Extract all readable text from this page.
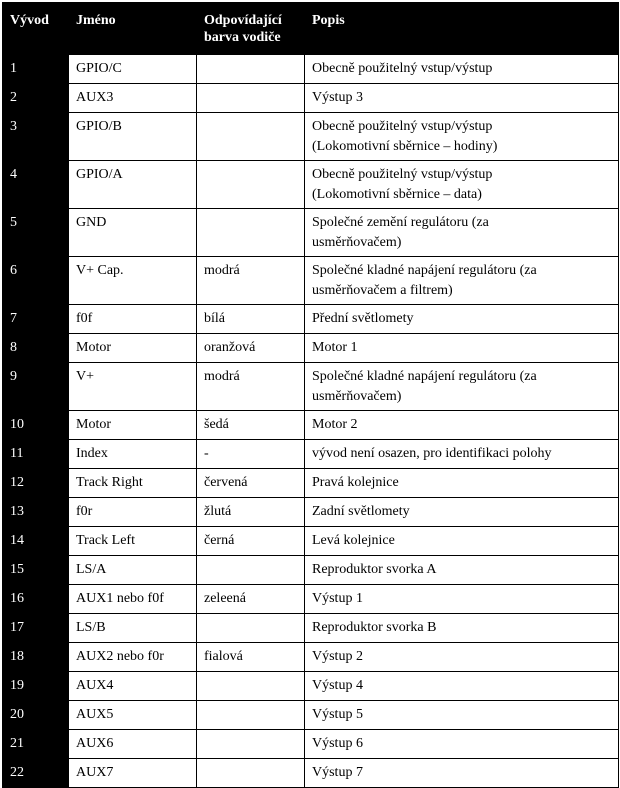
Vývod	Jméno	Odpovídající
barva vodiče	Popis
1	GPIO/C		Obecně použitelný vstup/výstup
2	AUX3		Výstup 3
3	GPIO/B		Obecně použitelný vstup/výstup
(Lokomotivní sběrnice – hodiny)
4	GPIO/A		Obecně použitelný vstup/výstup
(Lokomotivní sběrnice – data)
5	GND		Společné zemění regulátoru (za
usměrňovačem)
6	V+ Cap.	modrá	Společné kladné napájení regulátoru (za
usměrňovačem a filtrem)
7	f0f	bílá	Přední světlomety
8	Motor	oranžová	Motor 1
9	V+	modrá	Společné kladné napájení regulátoru (za
usměrňovačem)
10	Motor	šedá	Motor 2
11	Index	-	vývod není osazen, pro identifikaci polohy
12	Track Right	červená	Pravá kolejnice
13	f0r	žlutá	Zadní světlomety
14	Track Left	černá	Levá kolejnice
15	LS/A		Reproduktor svorka A
16	AUX1 nebo f0f	zeleená	Výstup 1
17	LS/B		Reproduktor svorka B
18	AUX2 nebo f0r	fialová	Výstup 2
19	AUX4		Výstup 4
20	AUX5		Výstup 5
21	AUX6		Výstup 6
22	AUX7		Výstup 7
